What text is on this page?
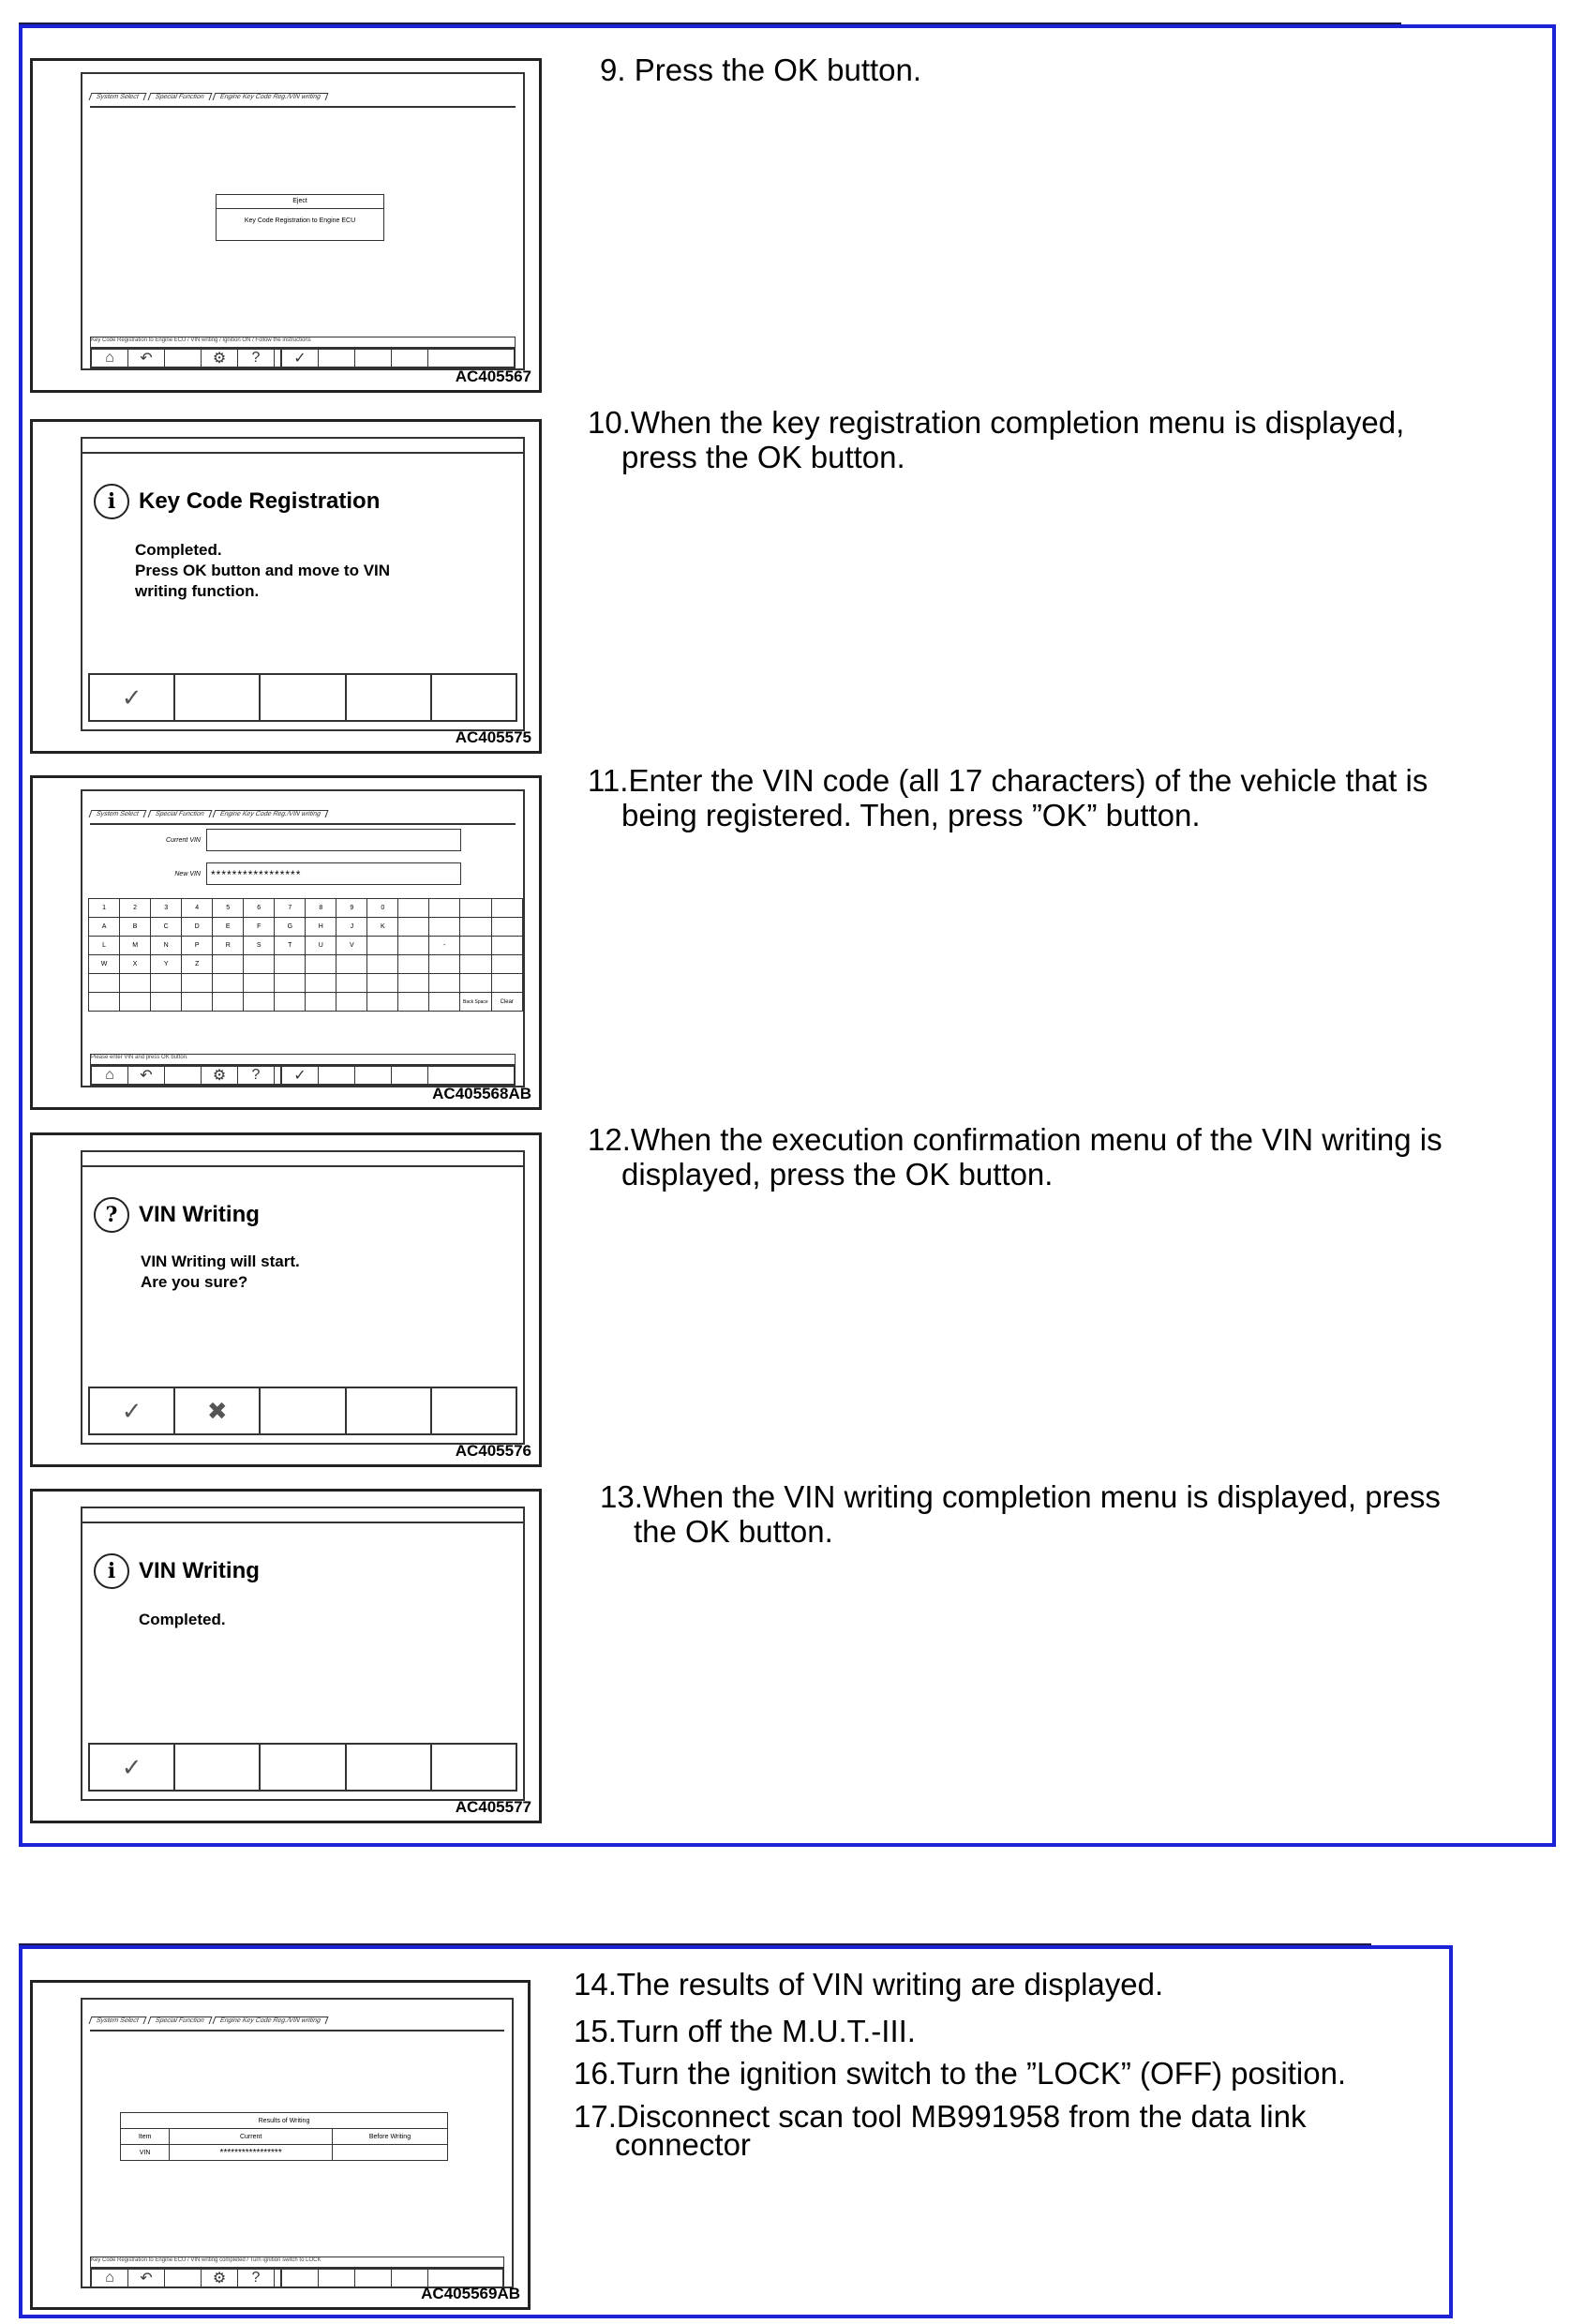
System Select Special Function Engine Key Code Reg./VIN writing
Eject
Key Code Registration to Engine ECU
Key Code Registration to Engine ECU / VIN writing / Ignition ON / Follow the instructions
⌂	↶	⚙	?	✓
AC405567
9. Press the OK button.
i	Key Code Registration
Completed.
Press OK button and move to VIN
writing function.
✓
AC405575
10.When the key registration completion menu is displayed,
press the OK button.
System Select Special Function Engine Key Code Reg./VIN writing
Current VIN
New VIN *****************
1	2	3	4	5	6	7	8	9	0				
A	B	C	D	E	F	G	H	J	K				
L	M	N	P	R	S	T	U	V			-		
W	X	Y	Z										

												Back Space	Clear
Please enter VIN and press OK button.
⌂	↶	⚙	?	✓
AC405568AB
11.Enter the VIN code (all 17 characters) of the vehicle that is
being registered. Then, press ”OK” button.
? VIN Writing
VIN Writing will start.
Are you sure?
✓	✖
AC405576
12.When the execution confirmation menu of the VIN writing is
displayed, press the OK button.
i	VIN Writing
Completed.
✓
AC405577
13.When the VIN writing completion menu is displayed, press
the OK button.
System Select Special Function Engine Key Code Reg./VIN writing
Results of Writing		
Item	Current	Before Writing
VIN	*****************	
Key Code Registration to Engine ECU / VIN writing completed / Turn ignition switch to LOCK
⌂	↶	⚙	?
AC405569AB
14.The results of VIN writing are displayed.
15.Turn off the M.U.T.-III.
16.Turn the ignition switch to the ”LOCK” (OFF) position.
17.Disconnect scan tool MB991958 from the data link
connector
